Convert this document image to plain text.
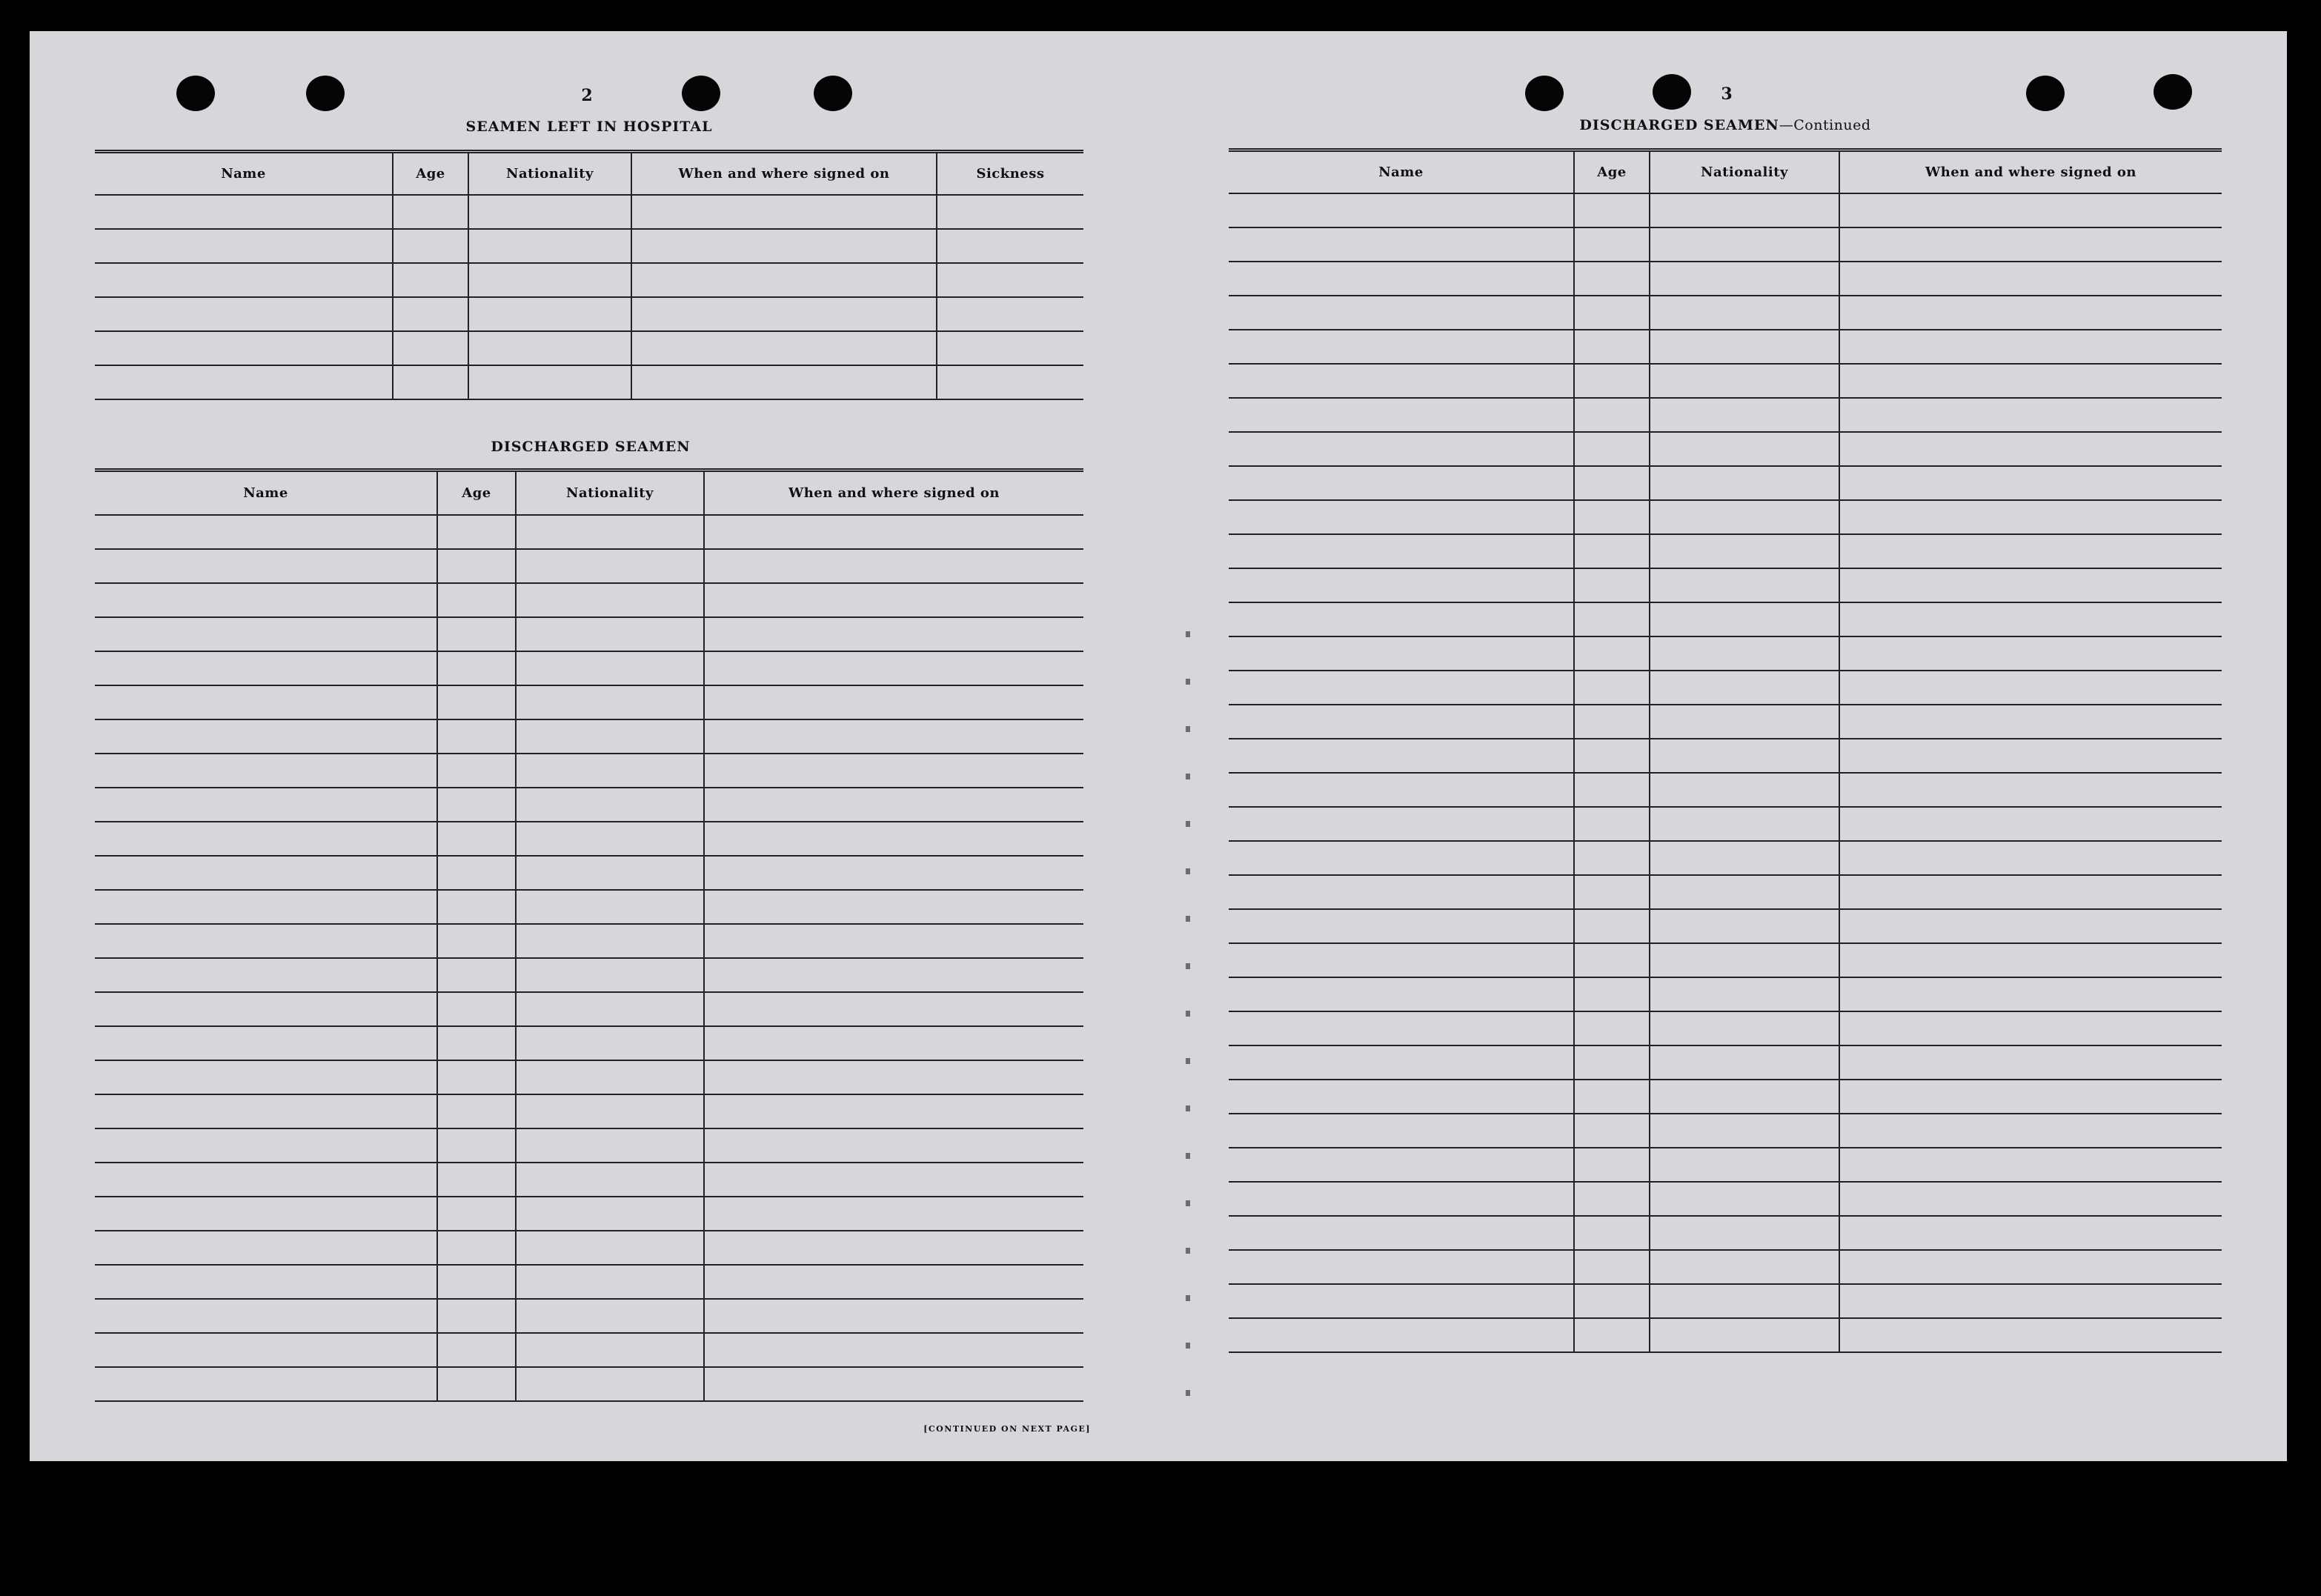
2
SEAMEN LEFT IN HOSPITAL
Name	Age	Nationality	When and where signed on	Sickness

DISCHARGED SEAMEN
Name	Age	Nationality	When and where signed on

[CONTINUED ON NEXT PAGE]
3
DISCHARGED SEAMEN—Continued
Name	Age	Nationality	When and where signed on
